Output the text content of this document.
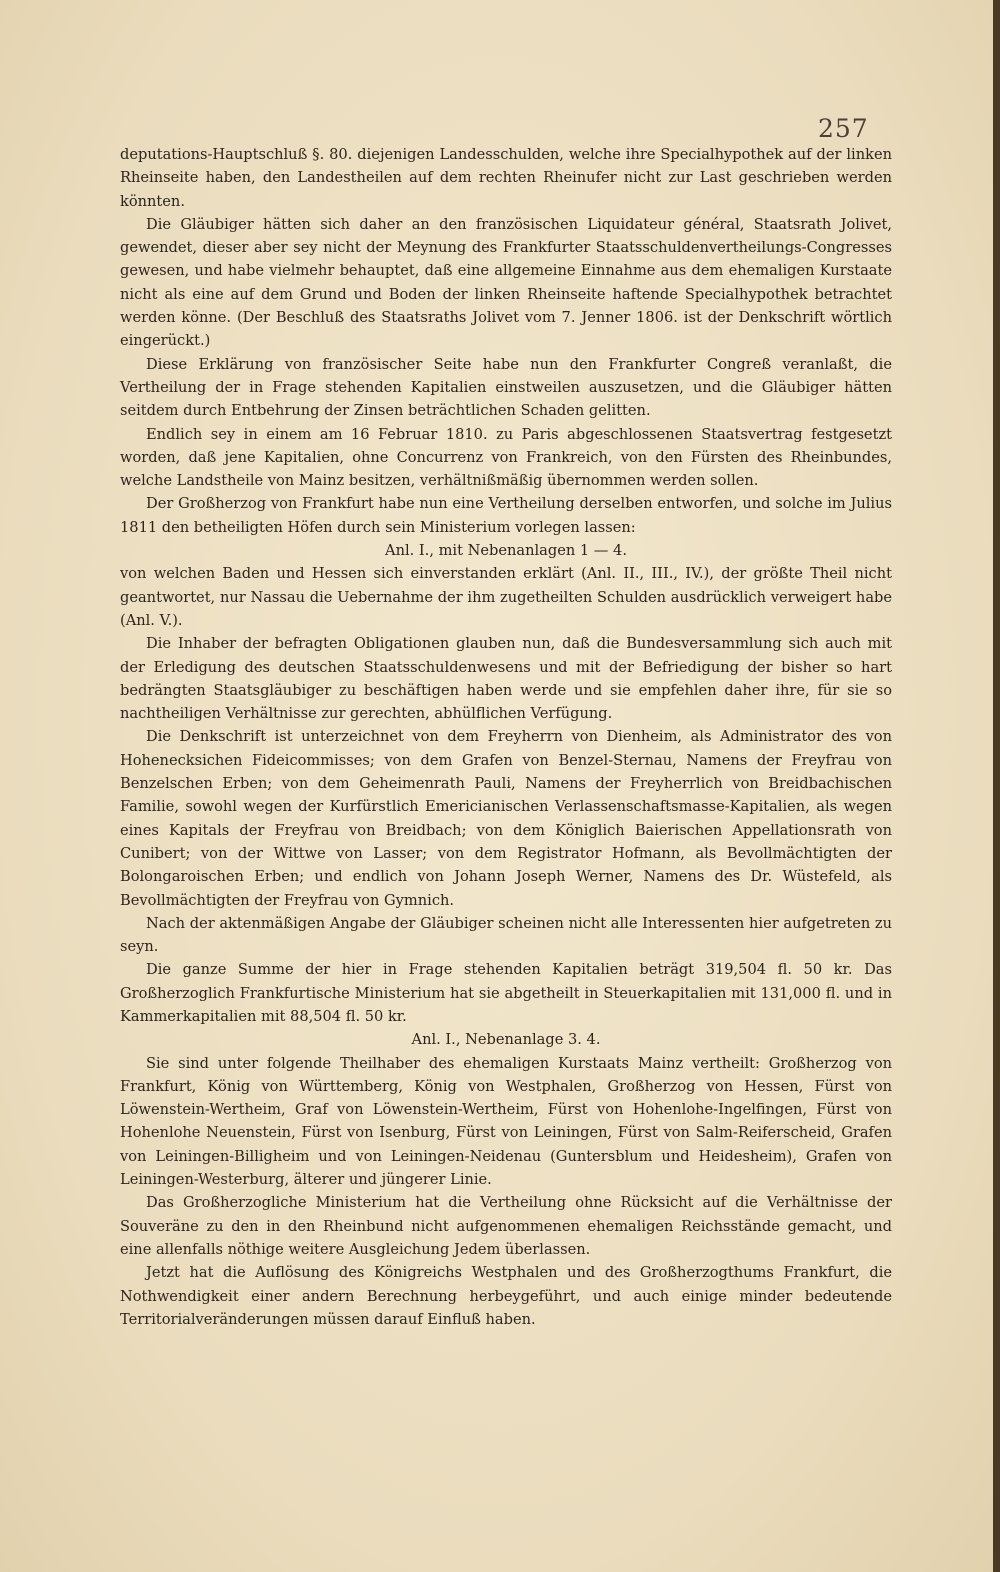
257

deputations-Hauptschluß §. 80. diejenigen Landesschulden, welche ihre Specialhypothek auf der linken Rheinseite haben, den Landestheilen auf dem rechten Rheinufer nicht zur Last geschrieben werden könnten.

Die Gläubiger hätten sich daher an den französischen Liquidateur général, Staatsrath Jolivet, gewendet, dieser aber sey nicht der Meynung des Frankfurter Staatsschuldenvertheilungs-Congresses gewesen, und habe vielmehr behauptet, daß eine allgemeine Einnahme aus dem ehemaligen Kurstaate nicht als eine auf dem Grund und Boden der linken Rheinseite haftende Specialhypothek betrachtet werden könne. (Der Beschluß des Staatsraths Jolivet vom 7. Jenner 1806. ist der Denkschrift wörtlich eingerückt.)

Diese Erklärung von französischer Seite habe nun den Frankfurter Congreß veranlaßt, die Vertheilung der in Frage stehenden Kapitalien einstweilen auszusetzen, und die Gläubiger hätten seitdem durch Entbehrung der Zinsen beträchtlichen Schaden gelitten.

Endlich sey in einem am 16 Februar 1810. zu Paris abgeschlossenen Staatsvertrag festgesetzt worden, daß jene Kapitalien, ohne Concurrenz von Frankreich, von den Fürsten des Rheinbundes, welche Landstheile von Mainz besitzen, verhältnißmäßig übernommen werden sollen.

Der Großherzog von Frankfurt habe nun eine Vertheilung derselben entworfen, und solche im Julius 1811 den betheiligten Höfen durch sein Ministerium vorlegen lassen:

Anl. I., mit Nebenanlagen 1 — 4.

von welchen Baden und Hessen sich einverstanden erklärt (Anl. II., III., IV.), der größte Theil nicht geantwortet, nur Nassau die Uebernahme der ihm zugetheilten Schulden ausdrücklich verweigert habe (Anl. V.).

Die Inhaber der befragten Obligationen glauben nun, daß die Bundesversammlung sich auch mit der Erledigung des deutschen Staatsschuldenwesens und mit der Befriedigung der bisher so hart bedrängten Staatsgläubiger zu beschäftigen haben werde und sie empfehlen daher ihre, für sie so nachtheiligen Verhältnisse zur gerechten, abhülflichen Verfügung.

Die Denkschrift ist unterzeichnet von dem Freyherrn von Dienheim, als Administrator des von Hohenecksichen Fideicommisses; von dem Grafen von Benzel-Sternau, Namens der Freyfrau von Benzelschen Erben; von dem Geheimenrath Pauli, Namens der Freyherrlich von Breidbachischen Familie, sowohl wegen der Kurfürstlich Emericianischen Verlassenschaftsmasse-Kapitalien, als wegen eines Kapitals der Freyfrau von Breidbach; von dem Königlich Baierischen Appellationsrath von Cunibert; von der Wittwe von Lasser; von dem Registrator Hofmann, als Bevollmächtigten der Bolongaroischen Erben; und endlich von Johann Joseph Werner, Namens des Dr. Wüstefeld, als Bevollmächtigten der Freyfrau von Gymnich.

Nach der aktenmäßigen Angabe der Gläubiger scheinen nicht alle Interessenten hier aufgetreten zu seyn.

Die ganze Summe der hier in Frage stehenden Kapitalien beträgt 319,504 fl. 50 kr. Das Großherzoglich Frankfurtische Ministerium hat sie abgetheilt in Steuerkapitalien mit 131,000 fl. und in Kammerkapitalien mit 88,504 fl. 50 kr.

Anl. I., Nebenanlage 3. 4.

Sie sind unter folgende Theilhaber des ehemaligen Kurstaats Mainz vertheilt: Großherzog von Frankfurt, König von Württemberg, König von Westphalen, Großherzog von Hessen, Fürst von Löwenstein-Wertheim, Graf von Löwenstein-Wertheim, Fürst von Hohenlohe-Ingelfingen, Fürst von Hohenlohe Neuenstein, Fürst von Isenburg, Fürst von Leiningen, Fürst von Salm-Reiferscheid, Grafen von Leiningen-Billigheim und von Leiningen-Neidenau (Guntersblum und Heidesheim), Grafen von Leiningen-Westerburg, älterer und jüngerer Linie.

Das Großherzogliche Ministerium hat die Vertheilung ohne Rücksicht auf die Verhältnisse der Souveräne zu den in den Rheinbund nicht aufgenommenen ehemaligen Reichsstände gemacht, und eine allenfalls nöthige weitere Ausgleichung Jedem überlassen.

Jetzt hat die Auflösung des Königreichs Westphalen und des Großherzogthums Frankfurt, die Nothwendigkeit einer andern Berechnung herbeygeführt, und auch einige minder bedeutende Territorialveränderungen müssen darauf Einfluß haben.
